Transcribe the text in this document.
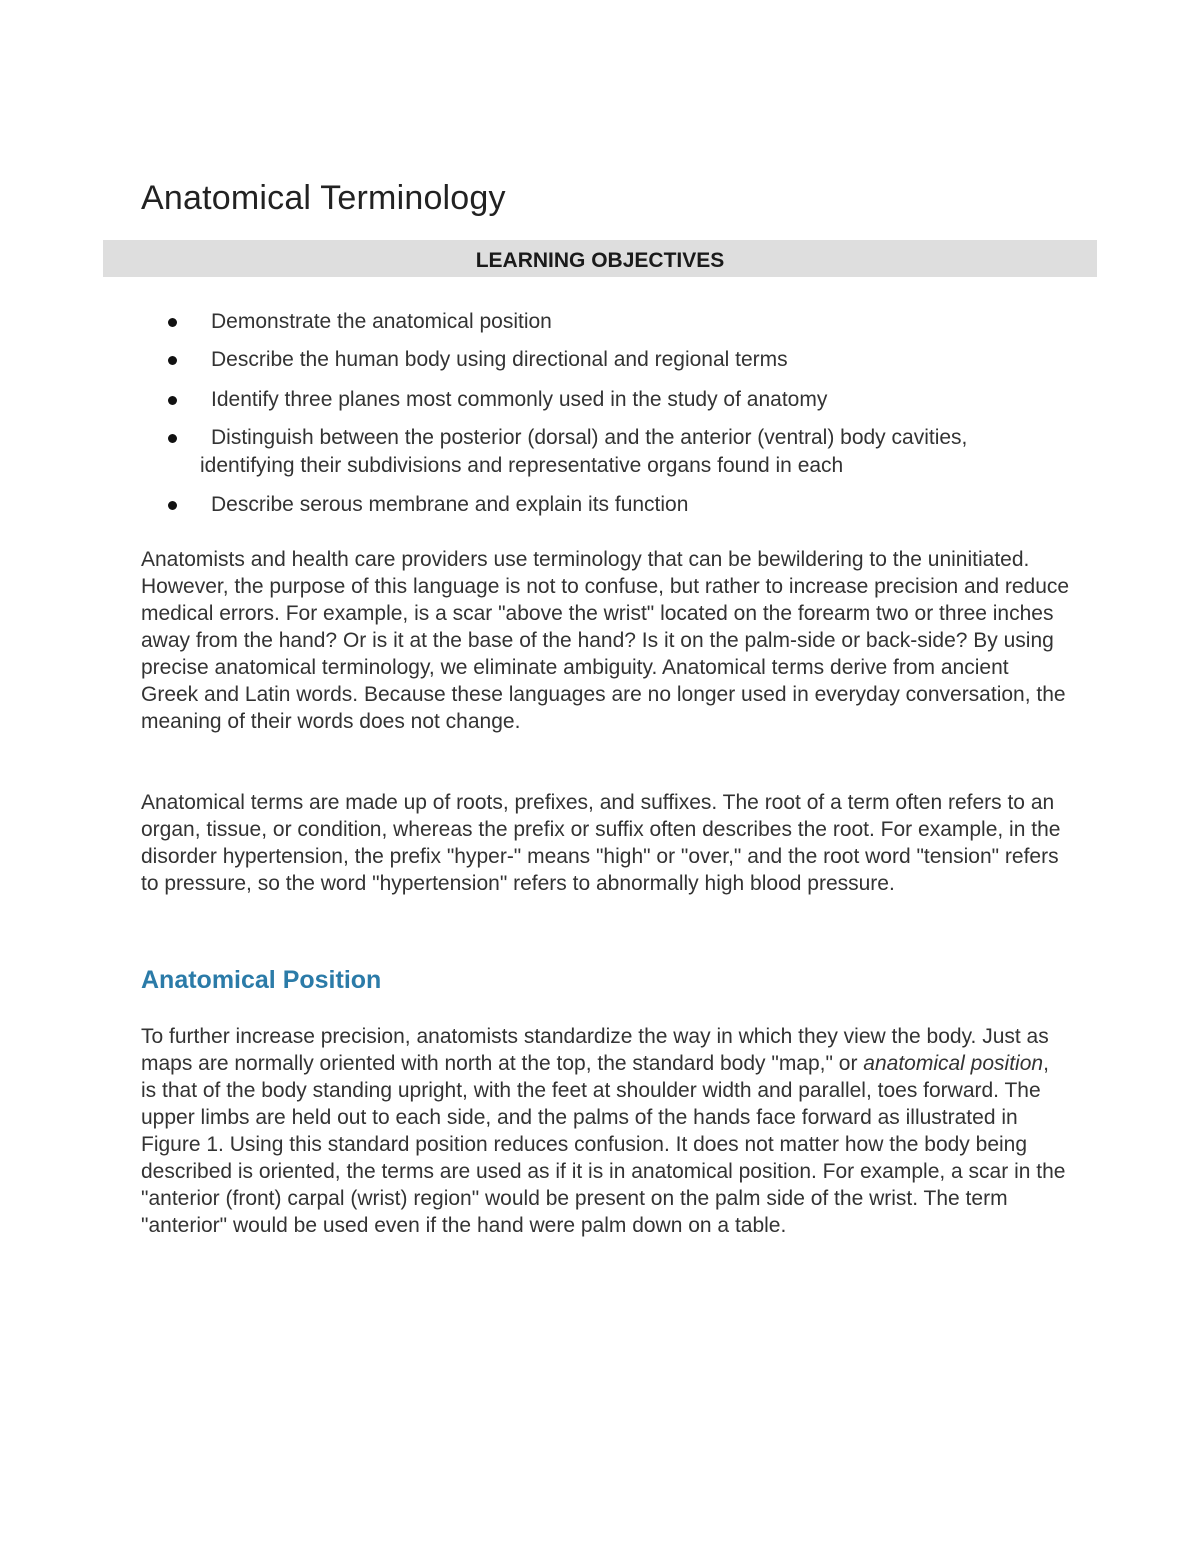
Anatomical Terminology
LEARNING OBJECTIVES
Demonstrate the anatomical position
Describe the human body using directional and regional terms
Identify three planes most commonly used in the study of anatomy
Distinguish between the posterior (dorsal) and the anterior (ventral) body cavities, identifying their subdivisions and representative organs found in each
Describe serous membrane and explain its function

Anatomists and health care providers use terminology that can be bewildering to the uninitiated. However, the purpose of this language is not to confuse, but rather to increase precision and reduce medical errors. For example, is a scar "above the wrist" located on the forearm two or three inches away from the hand? Or is it at the base of the hand? Is it on the palm-side or back-side? By using precise anatomical terminology, we eliminate ambiguity. Anatomical terms derive from ancient Greek and Latin words. Because these languages are no longer used in everyday conversation, the meaning of their words does not change.

Anatomical terms are made up of roots, prefixes, and suffixes. The root of a term often refers to an organ, tissue, or condition, whereas the prefix or suffix often describes the root. For example, in the disorder hypertension, the prefix "hyper-" means "high" or "over," and the root word "tension" refers to pressure, so the word "hypertension" refers to abnormally high blood pressure.

Anatomical Position

To further increase precision, anatomists standardize the way in which they view the body. Just as maps are normally oriented with north at the top, the standard body "map," or anatomical position, is that of the body standing upright, with the feet at shoulder width and parallel, toes forward. The upper limbs are held out to each side, and the palms of the hands face forward as illustrated in Figure 1. Using this standard position reduces confusion. It does not matter how the body being described is oriented, the terms are used as if it is in anatomical position. For example, a scar in the "anterior (front) carpal (wrist) region" would be present on the palm side of the wrist. The term "anterior" would be used even if the hand were palm down on a table.
